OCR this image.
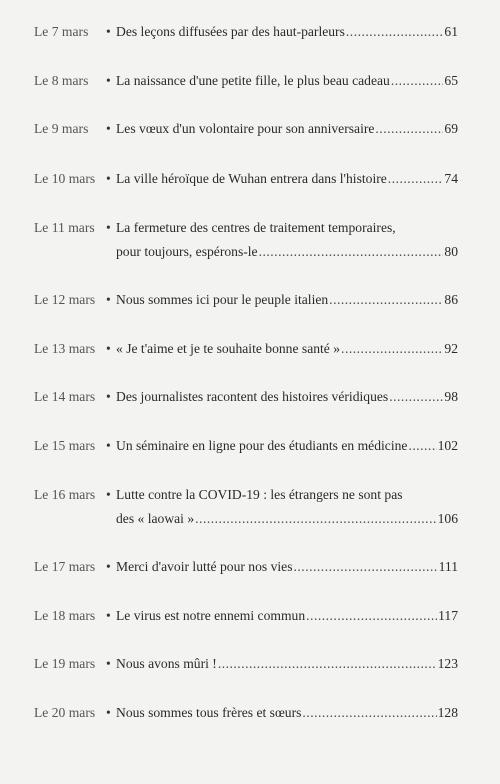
Le 7 mars • Des leçons diffusées par des haut-parleurs .....	61
Le 8 mars • La naissance d'une petite fille, le plus beau cadeau .....	65
Le 9 mars • Les vœux d'un volontaire pour son anniversaire .....	69
Le 10 mars • La ville héroïque de Wuhan entrera dans l'histoire .....	74
Le 11 mars • La fermeture des centres de traitement temporaires,
pour toujours, espérons-le .....	80
Le 12 mars • Nous sommes ici pour le peuple italien .....	86
Le 13 mars • « Je t'aime et je te souhaite bonne santé » .....	92
Le 14 mars • Des journalistes racontent des histoires véridiques .....	98
Le 15 mars • Un séminaire en ligne pour des étudiants en médicine ..... 102
Le 16 mars • Lutte contre la COVID-19 : les étrangers ne sont pas
des « laowai » .....	106
Le 17 mars • Merci d'avoir lutté pour nos vies .....	111
Le 18 mars • Le virus est notre ennemi commun .....	117
Le 19 mars • Nous avons mûri ! .....	123
Le 20 mars • Nous sommes tous frères et sœurs .....	128
